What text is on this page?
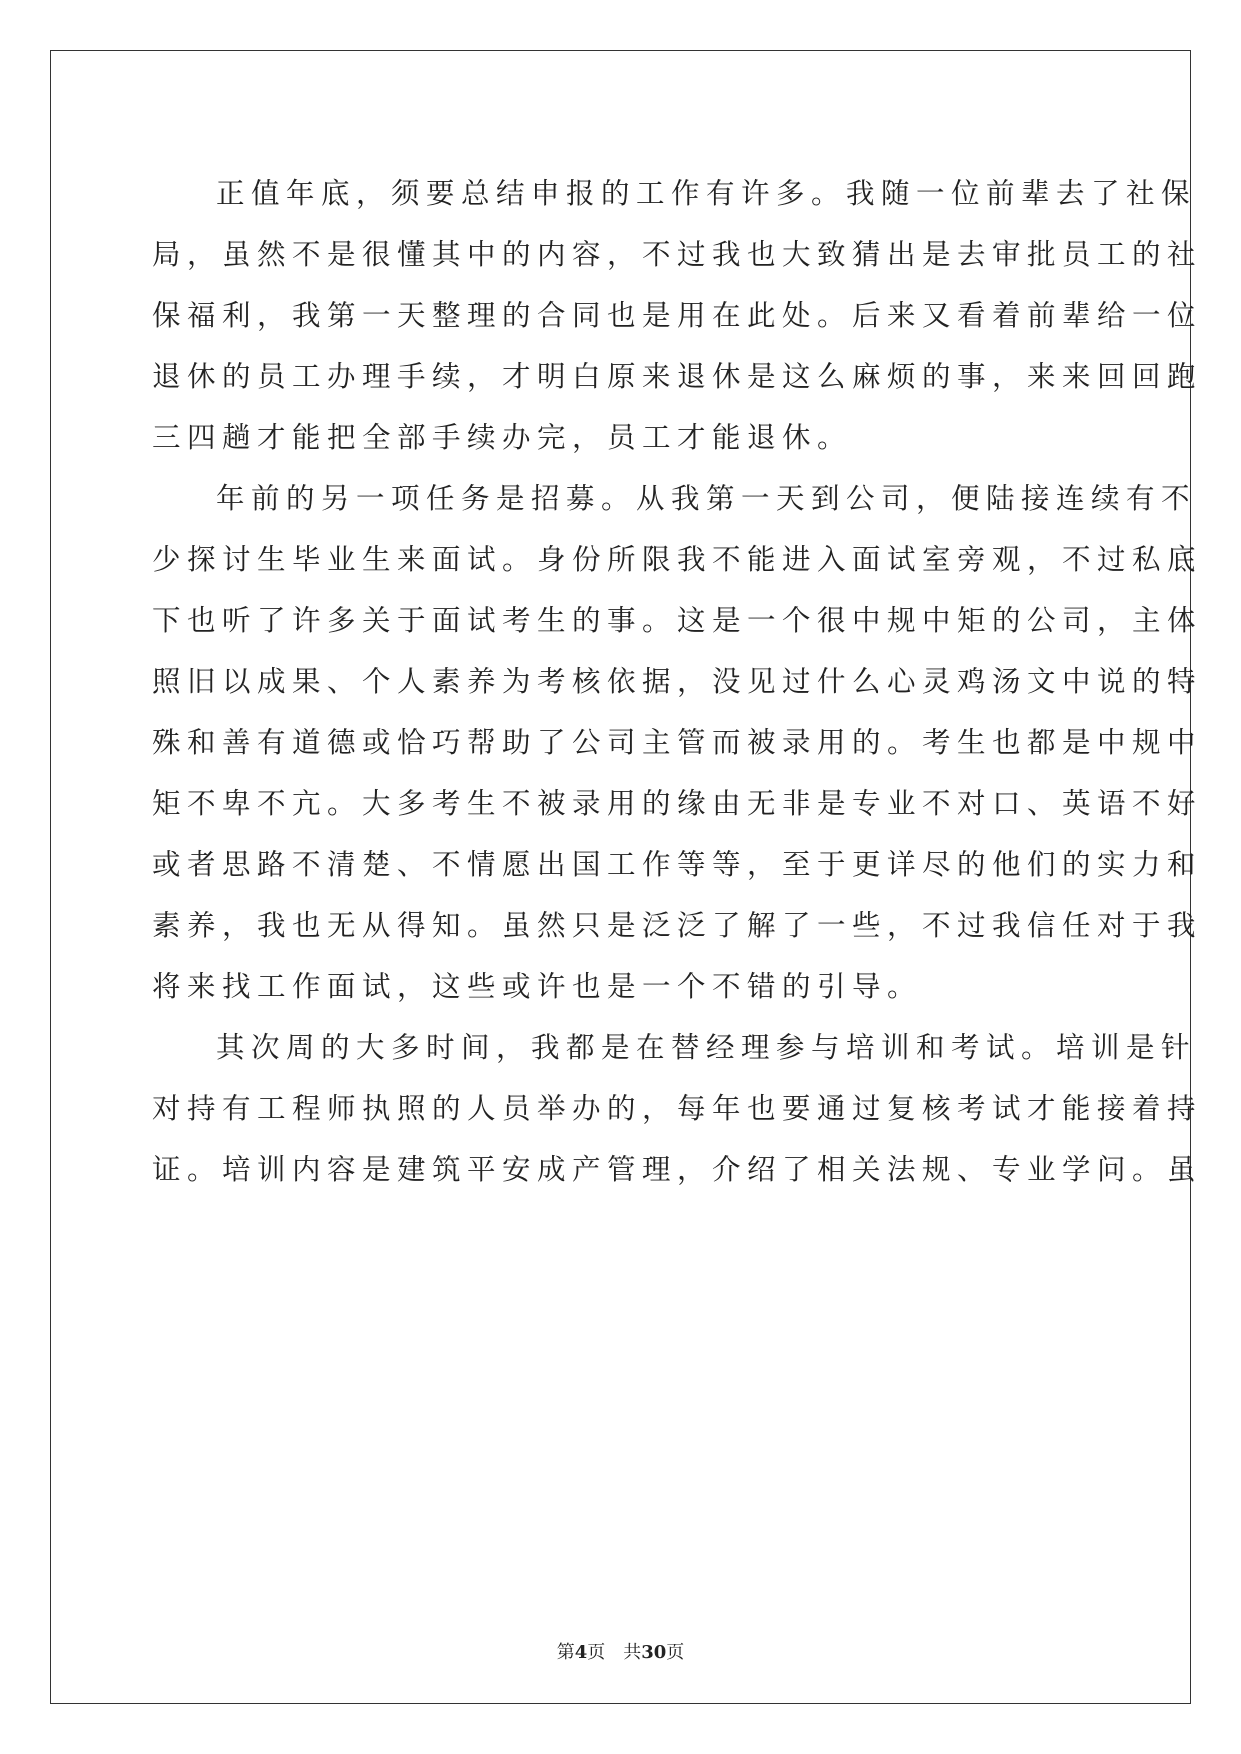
正值年底，须要总结申报的工作有许多。我随一位前辈去了社保
局，虽然不是很懂其中的内容，不过我也大致猜出是去审批员工的社
保福利，我第一天整理的合同也是用在此处。后来又看着前辈给一位
退休的员工办理手续，才明白原来退休是这么麻烦的事，来来回回跑
三四趟才能把全部手续办完，员工才能退休。
年前的另一项任务是招募。从我第一天到公司，便陆接连续有不
少探讨生毕业生来面试。身份所限我不能进入面试室旁观，不过私底
下也听了许多关于面试考生的事。这是一个很中规中矩的公司，主体
照旧以成果、个人素养为考核依据，没见过什么心灵鸡汤文中说的特
殊和善有道德或恰巧帮助了公司主管而被录用的。考生也都是中规中
矩不卑不亢。大多考生不被录用的缘由无非是专业不对口、英语不好
或者思路不清楚、不情愿出国工作等等，至于更详尽的他们的实力和
素养，我也无从得知。虽然只是泛泛了解了一些，不过我信任对于我
将来找工作面试，这些或许也是一个不错的引导。
其次周的大多时间，我都是在替经理参与培训和考试。培训是针
对持有工程师执照的人员举办的，每年也要通过复核考试才能接着持
证。培训内容是建筑平安成产管理，介绍了相关法规、专业学问。虽
第4页 共30页
